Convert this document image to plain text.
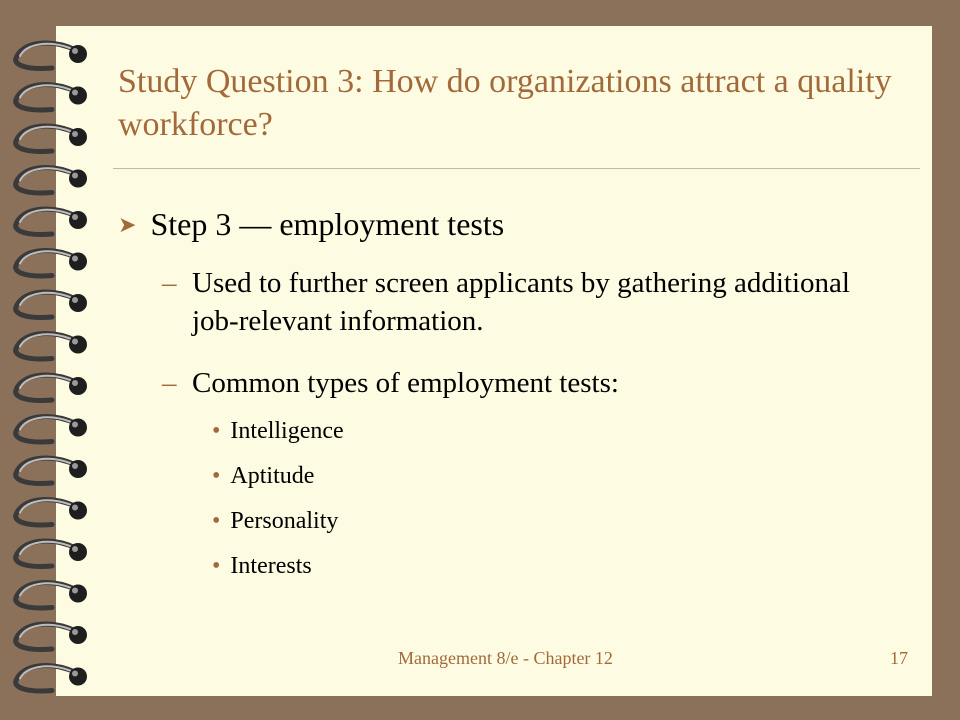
Study Question 3: How do organizations attract a quality workforce?
➤ Step 3 — employment tests
– Used to further screen applicants by gathering additional job-relevant information.
– Common types of employment tests:
• Intelligence
• Aptitude
• Personality
• Interests
Management 8/e - Chapter 12	17
